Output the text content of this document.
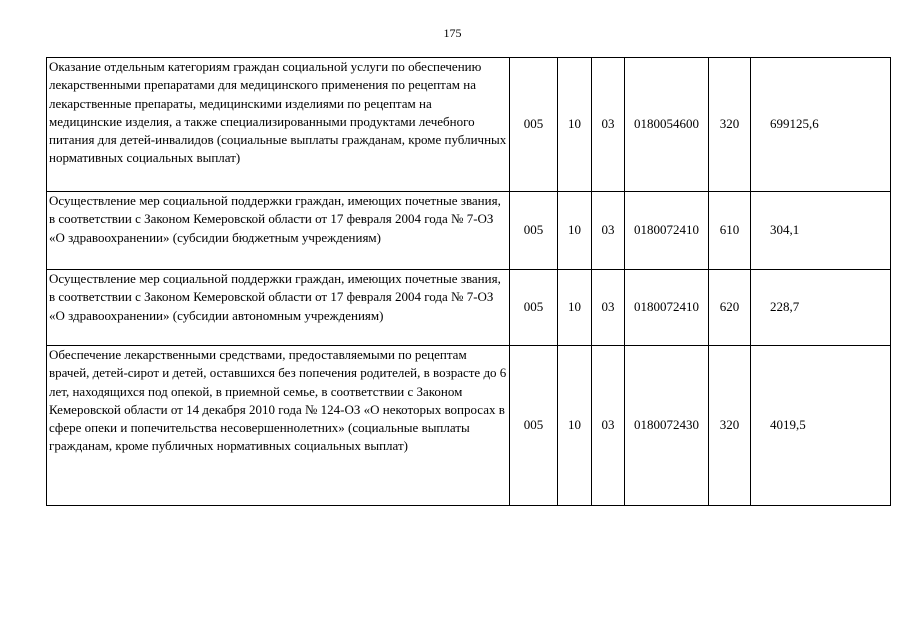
175
Оказание отдельным категориям граждан социальной услуги по обеспечению лекарственными препаратами для медицинского применения по рецептам на лекарственные препараты, медицинскими изделиями по рецептам на медицинские изделия, а также специализированными продуктами лечебного питания для детей-инвалидов (социальные выплаты гражданам, кроме публичных нормативных социальных выплат)	005	10	03	0180054600	320	699125,6
Осуществление мер социальной поддержки граждан, имеющих почетные звания, в соответствии с Законом Кемеровской области от 17 февраля 2004 года № 7-ОЗ «О здравоохранении» (субсидии бюджетным учреждениям)	005	10	03	0180072410	610	304,1
Осуществление мер социальной поддержки граждан, имеющих почетные звания, в соответствии с Законом Кемеровской области от 17 февраля 2004 года № 7-ОЗ «О здравоохранении» (субсидии автономным учреждениям)	005	10	03	0180072410	620	228,7
Обеспечение лекарственными средствами, предоставляемыми по рецептам врачей, детей-сирот и детей, оставшихся без попечения родителей, в возрасте до 6 лет, находящихся под опекой, в приемной семье, в соответствии с Законом Кемеровской области от 14 декабря 2010 года № 124-ОЗ «О некоторых вопросах в сфере опеки и попечительства несовершеннолетних» (социальные выплаты гражданам, кроме публичных нормативных социальных выплат)	005	10	03	0180072430	320	4019,5
